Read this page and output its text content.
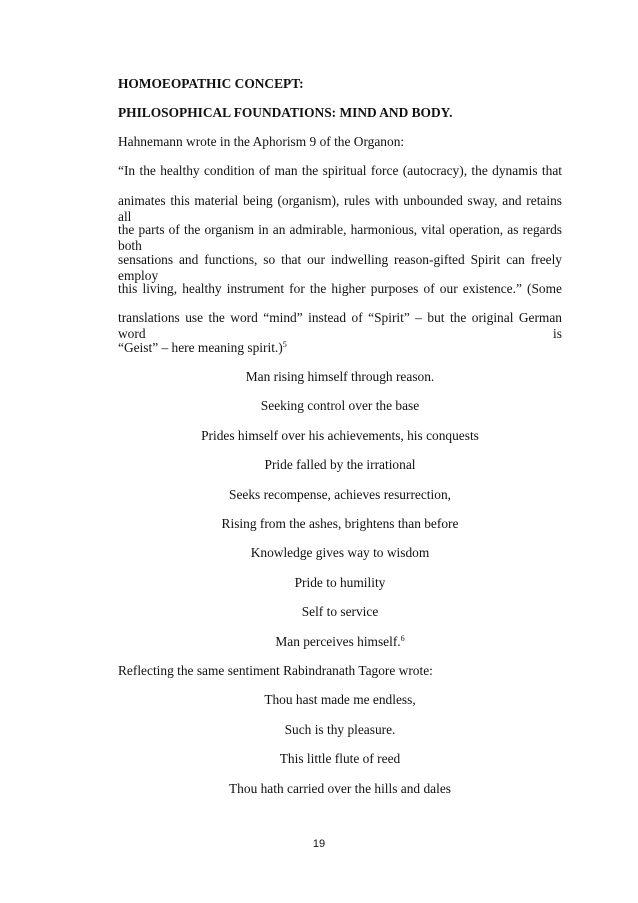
HOMOEOPATHIC CONCEPT:
PHILOSOPHICAL FOUNDATIONS: MIND AND BODY.
Hahnemann wrote in the Aphorism 9 of the Organon:
“In the healthy condition of man the spiritual force (autocracy), the dynamis that
animates this material being (organism), rules with unbounded sway, and retains all
the parts of the organism in an admirable, harmonious, vital operation, as regards both
sensations and functions, so that our indwelling reason-gifted Spirit can freely employ
this living, healthy instrument for the higher purposes of our existence.” (Some
translations use the word “mind” instead of “Spirit” – but the original German word is
“Geist” – here meaning spirit.)$^5$
Man rising himself through reason.
Seeking control over the base
Prides himself over his achievements, his conquests
Pride falled by the irrational
Seeks recompense, achieves resurrection,
Rising from the ashes, brightens than before
Knowledge gives way to wisdom
Pride to humility
Self to service
Man perceives himself.$^6$
Reflecting the same sentiment Rabindranath Tagore wrote:
Thou hast made me endless,
Such is thy pleasure.
This little flute of reed
Thou hath carried over the hills and dales
19
